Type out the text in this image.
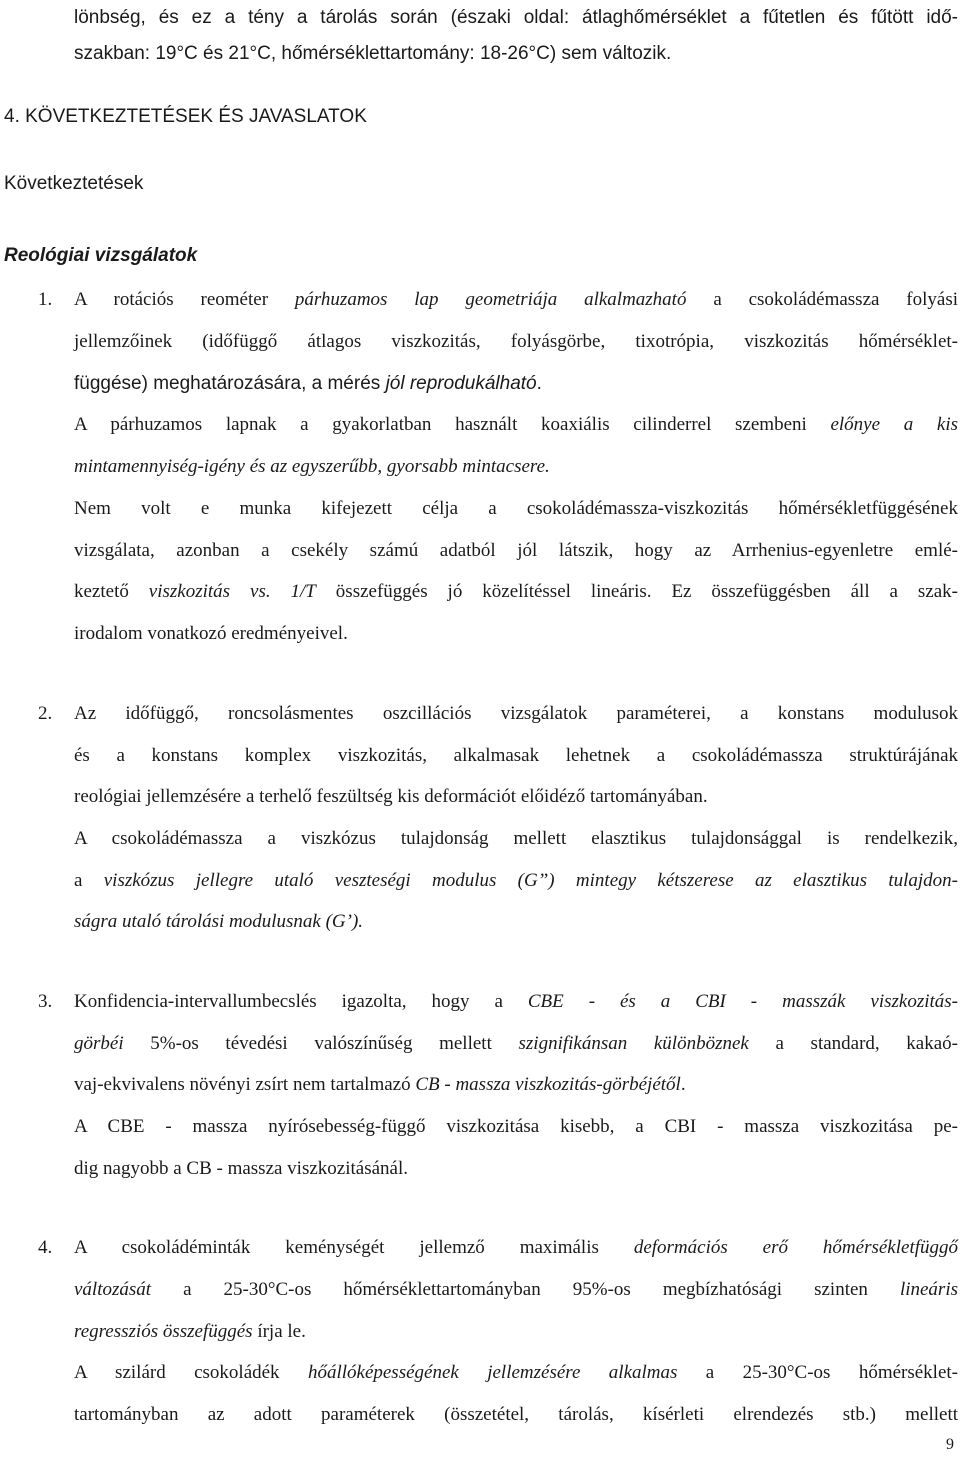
lönbség, és ez a tény a tárolás során (északi oldal: átlaghőmérséklet a fűtetlen és fűtött idő-
szakban: 19°C és 21°C, hőmérséklettartomány: 18-26°C) sem változik.
4. KÖVETKEZTETÉSEK ÉS JAVASLATOK
Következtetések
Reológiai vizsgálatok
1. A rotációs reométer párhuzamos lap geometriája alkalmazható a csokoládémassza folyási
jellemzőinek (időfüggő átlagos viszkozitás, folyásgörbe, tixotrópia, viszkozitás hőmérséklet-
függése) meghatározására, a mérés jól reprodukálható.
A párhuzamos lapnak a gyakorlatban használt koaxiális cilinderrel szembeni előnye a kis
mintamennyiség-igény és az egyszerűbb, gyorsabb mintacsere.
Nem volt e munka kifejezett célja a csokoládémassza-viszkozitás hőmérsékletfüggésének
vizsgálata, azonban a csekély számú adatból jól látszik, hogy az Arrhenius-egyenletre emlé-
keztető viszkozitás vs. 1/T összefüggés jó közelítéssel lineáris. Ez összefüggésben áll a szak-
irodalom vonatkozó eredményeivel.
2. Az időfüggő, roncsolásmentes oszcillációs vizsgálatok paraméterei, a konstans modulusok
és a konstans komplex viszkozitás, alkalmasak lehetnek a csokoládémassza struktúrájának
reológiai jellemzésére a terhelő feszültség kis deformációt előidéző tartományában.
A csokoládémassza a viszkózus tulajdonság mellett elasztikus tulajdonsággal is rendelkezik,
a viszkózus jellegre utaló veszteségi modulus (G”) mintegy kétszerese az elasztikus tulajdon-
ságra utaló tárolási modulusnak (G’).
3. Konfidencia-intervallumbecslés igazolta, hogy a CBE - és a CBI - masszák viszkozitás-
görbéi 5%-os tévedési valószínűség mellett szignifikánsan különböznek a standard, kakaó-
vaj-ekvivalens növényi zsírt nem tartalmazó CB - massza viszkozitás-görbéjétől.
A CBE - massza nyírósebesség-függő viszkozitása kisebb, a CBI - massza viszkozitása pe-
dig nagyobb a CB - massza viszkozitásánál.
4. A csokoládéminták keménységét jellemző maximális deformációs erő hőmérsékletfüggő
változását a 25-30°C-os hőmérséklettartományban 95%-os megbízhatósági szinten lineáris
regressziós összefüggés írja le.
A szilárd csokoládék hőállóképességének jellemzésére alkalmas a 25-30°C-os hőmérséklet-
tartományban az adott paraméterek (összetétel, tárolás, kísérleti elrendezés stb.) mellett
9
